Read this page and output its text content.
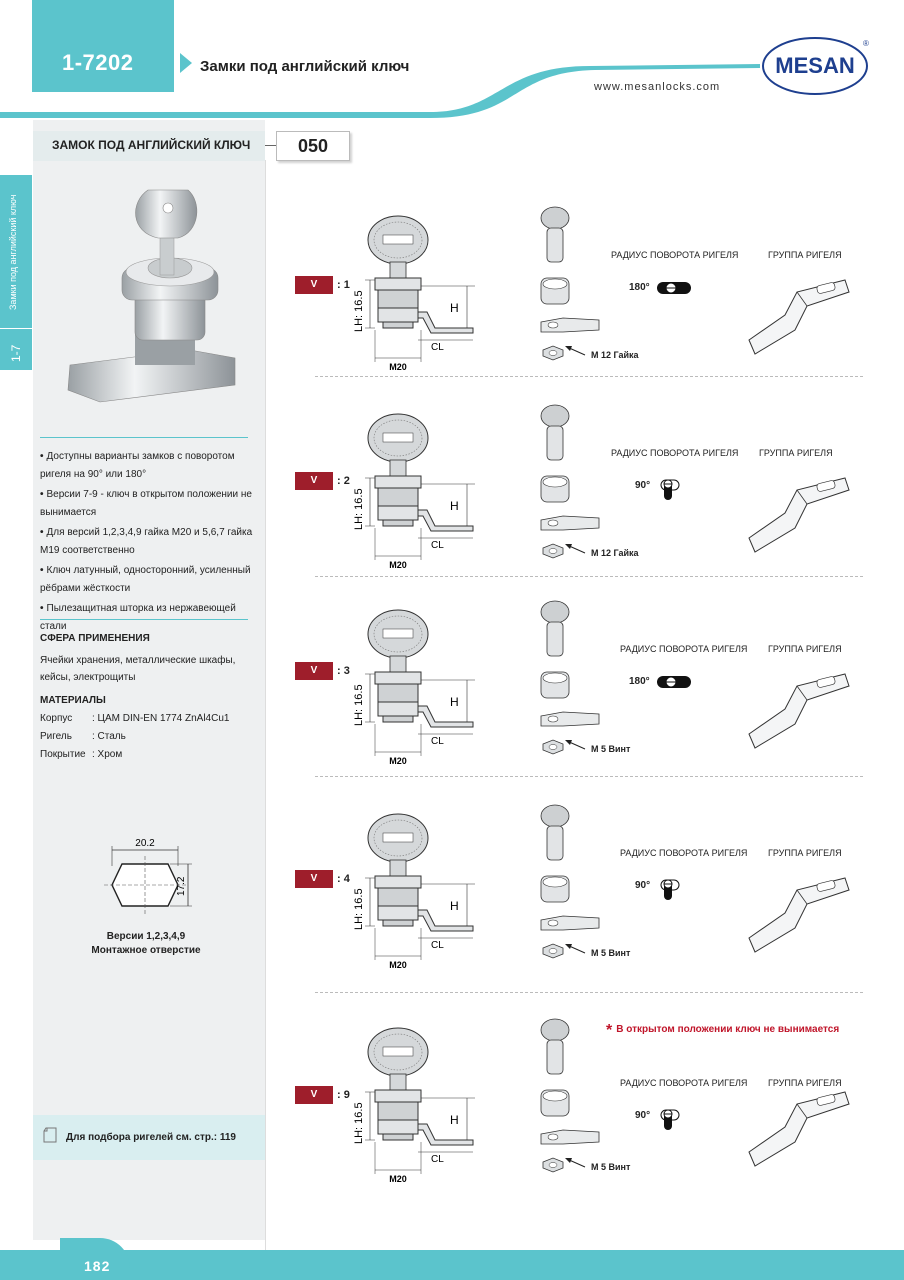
1-7202	Замки под английский ключ
www.mesanlocks.com
MESAN
®
ЗАМОК ПОД АНГЛИЙСКИЙ КЛЮЧ	050
Замки под английский ключ
1-7
• Доступны варианты замков с поворотом ригеля на 90° или 180°
• Версии 7-9 - ключ в открытом положении не вынимается
• Для версий 1,2,3,4,9 гайка M20 и 5,6,7 гайка M19 соответственно
• Ключ латунный, односторонний, усиленный рёбрами жёсткости
• Пылезащитная шторка из нержавеющей стали
СФЕРА ПРИМЕНЕНИЯ
Ячейки хранения, металлические шкафы, кейсы, электрощиты
МАТЕРИАЛЫ
Корпус : ЦАМ DIN-EN 1774 ZnAl4Cu1
Ригель : Сталь
Покрытие : Хром
20.2
17.2
Версии 1,2,3,4,9
Монтажное отверстие
Для подбора ригелей см. стр.: 119
V	: 1
H
CL
LH: 16.5
M20
M 12 Гайка
РАДИУС ПОВОРОТА РИГЕЛЯ	ГРУППА РИГЕЛЯ
180°
V	: 2
H
CL
LH: 16.5
M20
M 12 Гайка
РАДИУС ПОВОРОТА РИГЕЛЯ ГРУППА РИГЕЛЯ
90°
V	: 3
H
CL
LH: 16.5
M20
M 5 Винт
РАДИУС ПОВОРОТА РИГЕЛЯ ГРУППА РИГЕЛЯ
180°
V	: 4
H
CL
LH: 16.5
M20
M 5 Винт
РАДИУС ПОВОРОТА РИГЕЛЯ ГРУППА РИГЕЛЯ
90°
V	: 9
H
CL
LH: 16.5
M20
M 5 Винт
РАДИУС ПОВОРОТА РИГЕЛЯ ГРУППА РИГЕЛЯ
90°
* В открытом положении ключ не вынимается
182
